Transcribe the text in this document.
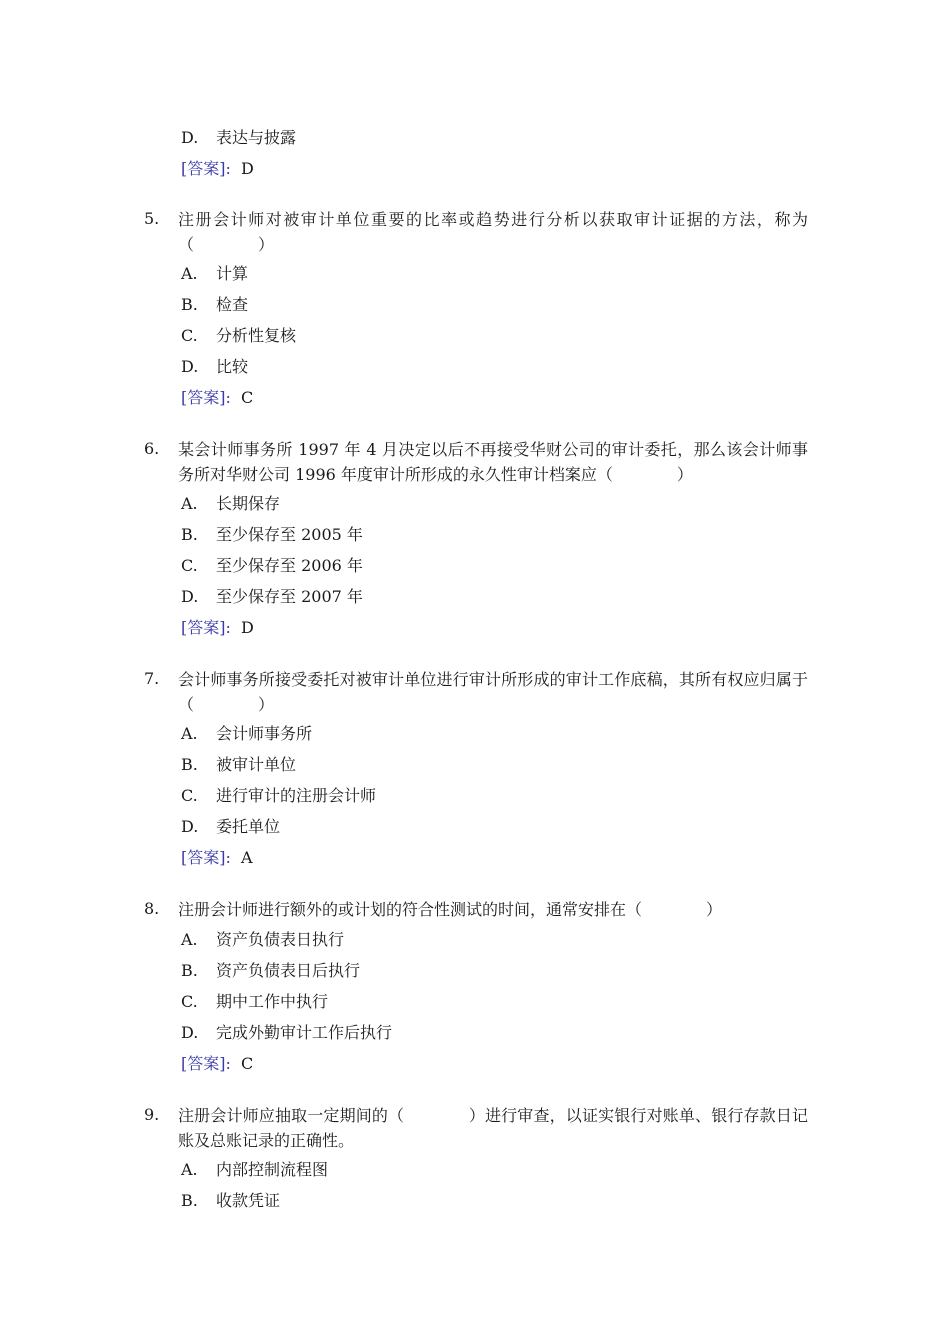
D.	表达与披露
[答案]: D
5.	注册会计师对被审计单位重要的比率或趋势进行分析以获取审计证据的方法，称为（　　　　）
A.	计算
B.	检查
C.	分析性复核
D.	比较
[答案]: C
6.	某会计师事务所 1997 年 4 月决定以后不再接受华财公司的审计委托，那么该会计师事务所对华财公司 1996 年度审计所形成的永久性审计档案应（　　　　）
A.	长期保存
B.	至少保存至 2005 年
C.	至少保存至 2006 年
D.	至少保存至 2007 年
[答案]: D
7.	会计师事务所接受委托对被审计单位进行审计所形成的审计工作底稿，其所有权应归属于（　　　　）
A.	会计师事务所
B.	被审计单位
C.	进行审计的注册会计师
D.	委托单位
[答案]: A
8.	注册会计师进行额外的或计划的符合性测试的时间，通常安排在（　　　　）
A.	资产负债表日执行
B.	资产负债表日后执行
C.	期中工作中执行
D.	完成外勤审计工作后执行
[答案]: C
9.	注册会计师应抽取一定期间的（　　　　）进行审查，以证实银行对账单、银行存款日记账及总账记录的正确性。
A.	内部控制流程图
B.	收款凭证
